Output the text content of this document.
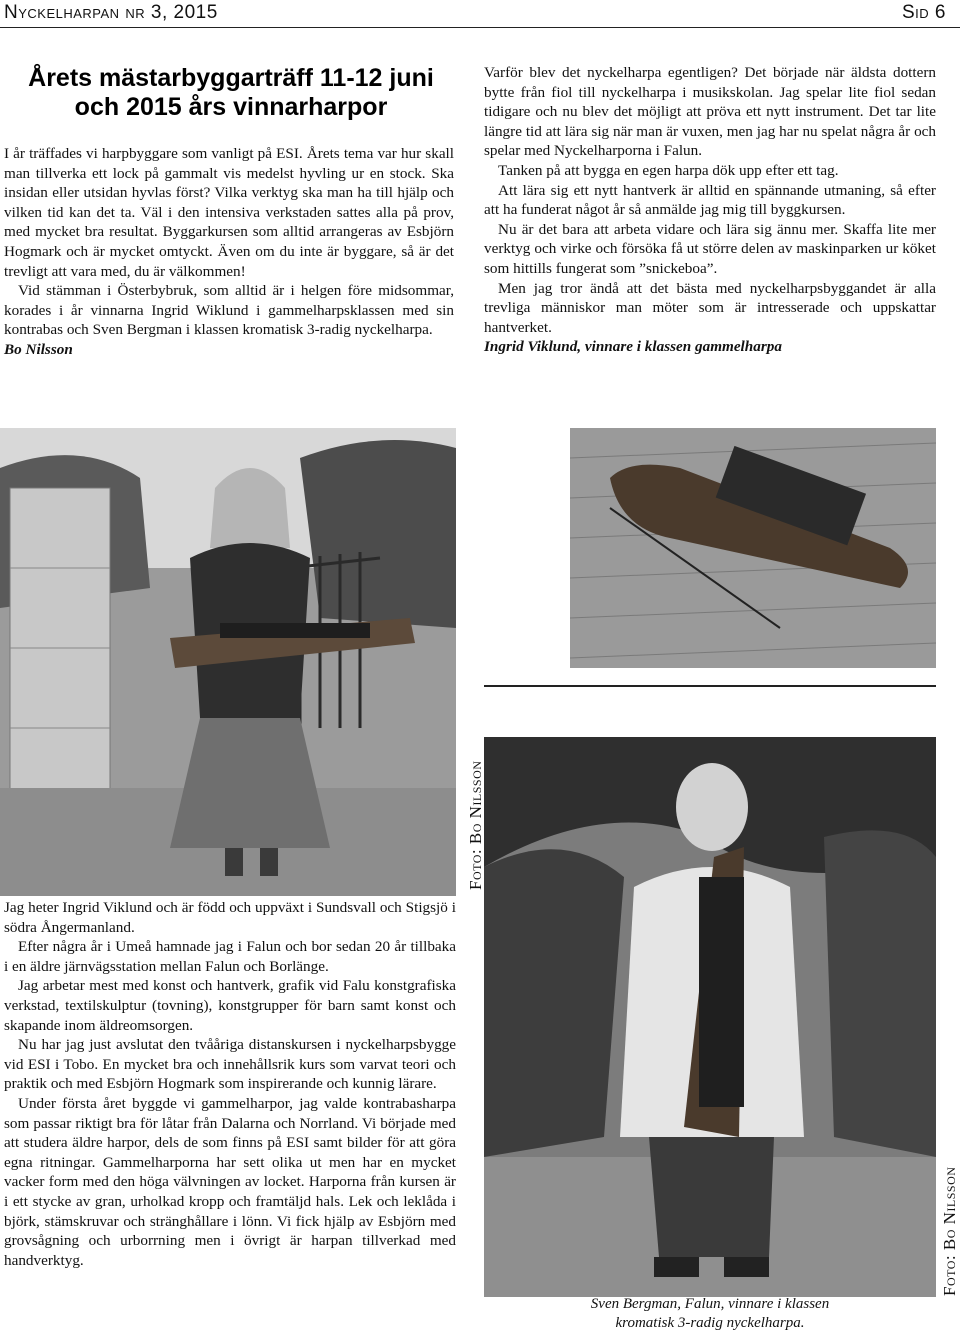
Nyckelharpan nr 3, 2015	Sid 6
Årets mästarbyggarträff 11-12 juni
och 2015 års vinnarharpor

I år träffades vi harpbyggare som vanligt på ESI. Årets tema var hur skall man tillverka ett lock på gammalt vis medelst hyvling ur en stock. Ska insidan eller utsidan hyvlas först? Vilka verktyg ska man ha till hjälp och vilken tid kan det ta. Väl i den intensiva verkstaden sattes alla på prov, med mycket bra resultat. Byggarkursen som alltid arrangeras av Esbjörn Hogmark och är mycket omtyckt. Även om du inte är byggare, så är det trevligt att vara med, du är välkommen!

Vid stämman i Österbybruk, som alltid är i helgen före midsommar, korades i år vinnarna Ingrid Wiklund i gammelharpsklassen med sin kontrabas och Sven Bergman i klassen kromatisk 3-radig nyckelharpa.

Bo Nilsson

Varför blev det nyckelharpa egentligen? Det började när äldsta dottern bytte från fiol till nyckelharpa i musikskolan. Jag spelar lite fiol sedan tidigare och nu blev det möjligt att pröva ett nytt instrument. Det tar lite längre tid att lära sig när man är vuxen, men jag har nu spelat några år och spelar med Nyckelharporna i Falun.

Tanken på att bygga en egen harpa dök upp efter ett tag.

Att lära sig ett nytt hantverk är alltid en spännande utmaning, så efter att ha funderat något år så anmälde jag mig till byggkursen.

Nu är det bara att arbeta vidare och lära sig ännu mer. Skaffa lite mer verktyg och virke och försöka få ut större delen av maskinparken ur köket som hittills fungerat som ”snickeboa”.

Men jag tror ändå att det bästa med nyckelharpsbyggandet är alla trevliga människor man möter som är intresserade och uppskattar hantverket.

Ingrid Viklund, vinnare i klassen gammelharpa

Jag heter Ingrid Viklund och är född och uppväxt i Sundsvall och Stigsjö i södra Ångermanland.

Efter några år i Umeå hamnade jag i Falun och bor sedan 20 år tillbaka i en äldre järnvägsstation mellan Falun och Borlänge.

Jag arbetar mest med konst och hantverk, grafik vid Falu konstgrafiska verkstad, textilskulptur (tovning), konstgrupper för barn samt konst och skapande inom äldreomsorgen.

Nu har jag just avslutat den tvååriga distanskursen i nyckelharpsbygge vid ESI i Tobo. En mycket bra och innehållsrik kurs som varvat teori och praktik och med Esbjörn Hogmark som inspirerande och kunnig lärare.

Under första året byggde vi gammelharpor, jag valde kontrabasharpa som passar riktigt bra för låtar från Dalarna och Norrland. Vi började med att studera äldre harpor, dels de som finns på ESI samt bilder för att göra egna ritningar. Gammelharporna har sett olika ut men har en mycket vacker form med den höga välvningen av locket. Harporna från kursen är i ett stycke av gran, urholkad kropp och framtäljd hals. Lek och leklåda i björk, stämskruvar och stränghållare i lönn. Vi fick hjälp av Esbjörn med grovsågning och urborrning men i övrigt är harpan tillverkad med handverktyg.

Foto: Bo Nilsson
Foto: Bo Nilsson
Sven Bergman, Falun, vinnare i klassen
kromatisk 3-radig nyckelharpa.
